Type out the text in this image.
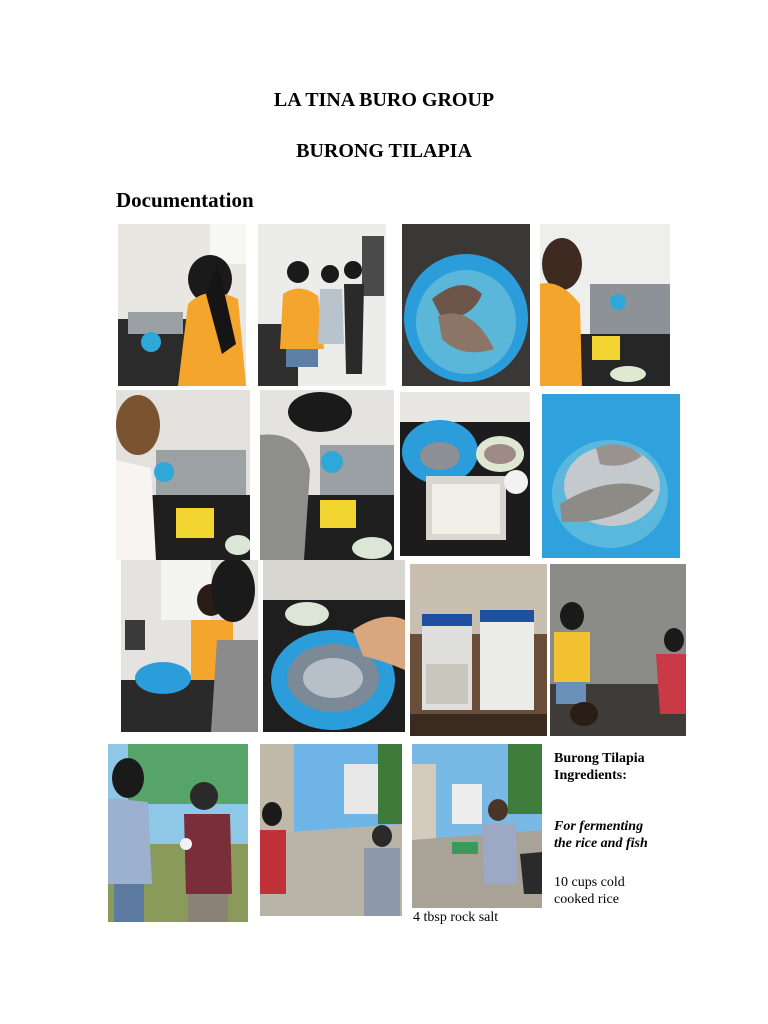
LA TINA BURO GROUP
BURONG TILAPIA
Documentation
Burong Tilapia Ingredients:
For fermenting the rice and fish
10 cups cold cooked rice
4 tbsp rock salt
